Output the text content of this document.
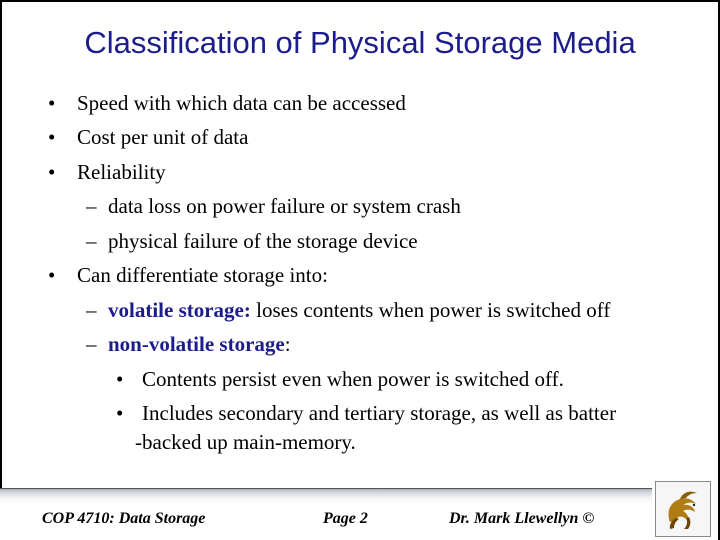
Classification of Physical Storage Media
• Speed with which data can be accessed
• Cost per unit of data
• Reliability
– data loss on power failure or system crash
– physical failure of the storage device
• Can differentiate storage into:
– volatile storage: loses contents when power is switched off
– non-volatile storage:
• Contents persist even when power is switched off.
• Includes secondary and tertiary storage, as well as batter
-backed up main-memory.
COP 4710: Data Storage	Page 2	Dr. Mark Llewellyn ©
